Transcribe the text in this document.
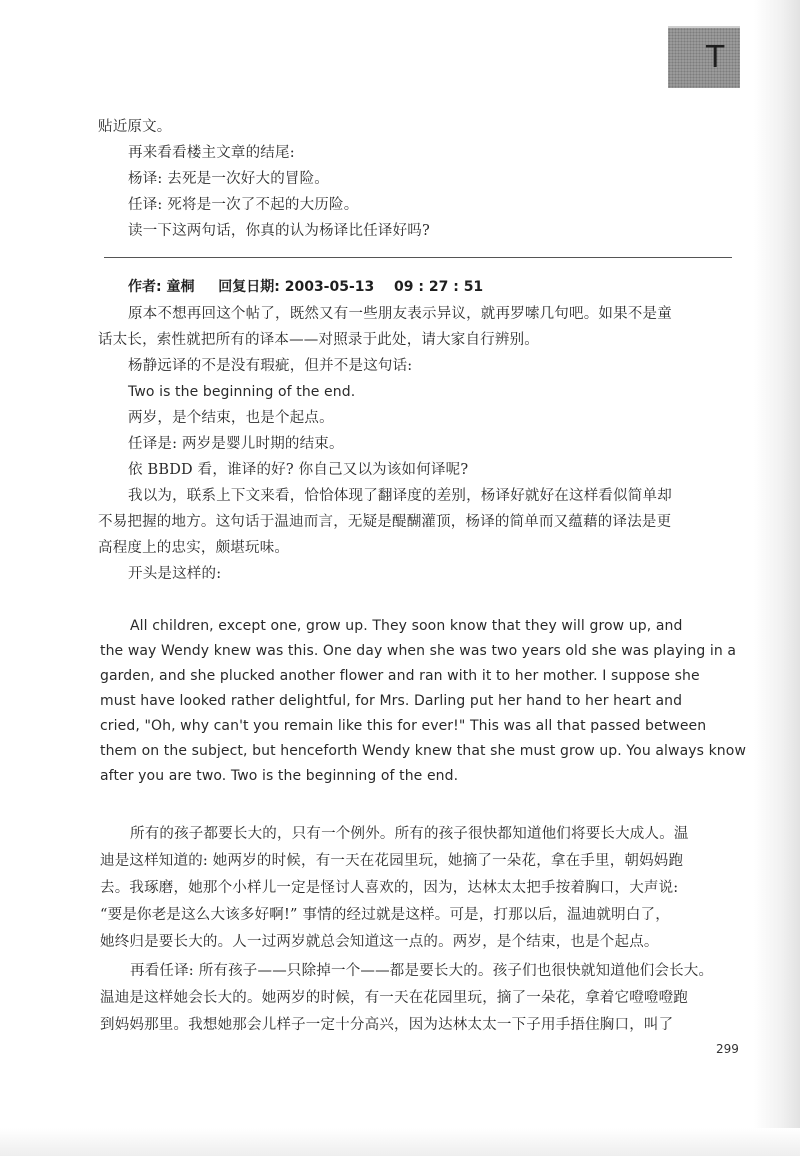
T
贴近原文。
再来看看楼主文章的结尾:
杨译: 去死是一次好大的冒险。
任译: 死将是一次了不起的大历险。
读一下这两句话，你真的认为杨译比任译好吗?
作者: 童桐 回复日期: 2003-05-13 09 : 27 : 51
原本不想再回这个帖了，既然又有一些朋友表示异议，就再罗嗦几句吧。如果不是童
话太长，索性就把所有的译本——对照录于此处，请大家自行辨别。
杨静远译的不是没有瑕疵，但并不是这句话:
Two is the beginning of the end.
两岁，是个结束，也是个起点。
任译是: 两岁是婴儿时期的结束。
依 BBDD 看，谁译的好? 你自己又以为该如何译呢?
我以为，联系上下文来看，恰恰体现了翻译度的差别，杨译好就好在这样看似简单却
不易把握的地方。这句话于温迪而言，无疑是醍醐灌顶，杨译的简单而又蕴藉的译法是更
高程度上的忠实，颇堪玩味。
开头是这样的:
All children, except one, grow up. They soon know that they will grow up, and
the way Wendy knew was this. One day when she was two years old she was playing in a
garden, and she plucked another flower and ran with it to her mother. I suppose she
must have looked rather delightful, for Mrs. Darling put her hand to her heart and
cried, "Oh, why can't you remain like this for ever!" This was all that passed between
them on the subject, but henceforth Wendy knew that she must grow up. You always know
after you are two. Two is the beginning of the end.
所有的孩子都要长大的，只有一个例外。所有的孩子很快都知道他们将要长大成人。温
迪是这样知道的: 她两岁的时候，有一天在花园里玩，她摘了一朵花，拿在手里，朝妈妈跑
去。我琢磨，她那个小样儿一定是怪讨人喜欢的，因为，达林太太把手按着胸口，大声说:
“要是你老是这么大该多好啊!” 事情的经过就是这样。可是，打那以后，温迪就明白了，
她终归是要长大的。人一过两岁就总会知道这一点的。两岁，是个结束，也是个起点。
再看任译: 所有孩子——只除掉一个——都是要长大的。孩子们也很快就知道他们会长大。
温迪是这样她会长大的。她两岁的时候，有一天在花园里玩，摘了一朵花，拿着它噔噔噔跑
到妈妈那里。我想她那会儿样子一定十分高兴，因为达林太太一下子用手捂住胸口，叫了
299
